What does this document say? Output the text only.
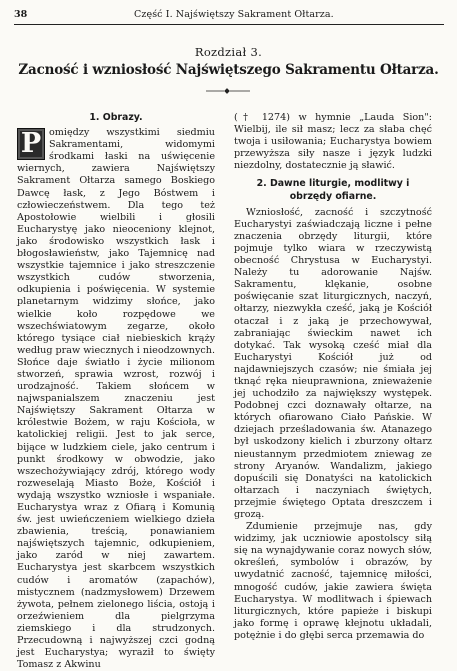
38	Część I. Najświętszy Sakrament Ołtarza.
Rozdział 3.
Zacność i wzniosłość Najświętszego Sakramentu Ołtarza.
1. Obrazy.

P omiędzy wszystkimi siedmiu Sakramentami, widomymi środkami łaski na uświęcenie wiernych, zawiera Najświętszy Sakrament Ołtarza samego Boskiego Dawcę łask, z Jego Bóstwem i człowieczeństwem. Dla tego też Apostołowie wielbili i głosili Eucharystyę jako nieoceniony klejnot, jako środowisko wszystkich łask i błogosławieństw, jako Tajemnicę nad wszystkie tajemnice i jako streszczenie wszystkich cudów stworzenia, odkupienia i poświęcenia. W systemie planetarnym widzimy słońce, jako wielkie koło rozpędowe we wszechświatowym zegarze, około którego tysiące ciał niebieskich krąży według praw wiecznych i nieodzownych. Słońce daje światło i życie milionom stworzeń, sprawia wzrost, rozwój i urodzajność. Takiem słońcem w najwspanialszem znaczeniu jest Najświętszy Sakrament Ołtarza w królestwie Bożem, w raju Kościoła, w katolickiej religii. Jest to jak serce, bijące w ludzkiem ciele, jako centrum i punkt środkowy w obwodzie, jako wszechożywiający zdrój, którego wody rozweselają Miasto Boże, Kościół i wydają wszystko wzniosłe i wspaniałe. Eucharystya wraz z Ofiarą i Komunią św. jest uwieńczeniem wielkiego dzieła zbawienia, treścią, ponawianiem najświętszych tajemnic, odkupieniem, jako zaród w niej zawartem. Eucharystya jest skarbcem wszystkich cudów i aromatów (zapachów), mistycznem (nadzmysłowem) Drzewem żywota, pełnem zielonego liścia, ostoją i orzeźwieniem dla pielgrzyma ziemskiego i dla strudzonych. Przecudowną i najwyższej czci godną jest Eucharystya; wyraził to święty Tomasz z Akwinu

(† 1274) w hymnie „Lauda Sion": Wielbij, ile sił masz; lecz za słaba chęć twoja i usiłowania; Eucharystya bowiem przewyższa siły nasze i język ludzki niezdolny, dostatecznie ją sławić.

2. Dawne liturgie, modlitwy i obrzędy ofiarne.

Wzniosłość, zacność i szczytność Eucharystyi zaświadczają liczne i pełne znaczenia obrzędy liturgii, które pojmuje tylko wiara w rzeczywistą obecność Chrystusa w Eucharystyi. Należy tu adorowanie Najśw. Sakramentu, klękanie, osobne poświęcanie szat liturgicznych, naczyń, ołtarzy, niezwykła cześć, jaką je Kościół otaczał i z jaką je przechowywał, zabraniając świeckim nawet ich dotykać. Tak wysoką cześć miał dla Eucharystyi Kościół już od najdawniejszych czasów; nie śmiała jej tknąć ręka nieuprawniona, znieważenie jej uchodziło za największy występek. Podobnej czci doznawały ołtarze, na których ofiarowano Ciało Pańskie. W dziejach prześladowania św. Atanazego był uskodzony kielich i zburzony ołtarz nieustannym przedmiotem zniewag ze strony Aryanów. Wandalizm, jakiego dopuścili się Donatyści na katolickich ołtarzach i naczyniach świętych, przejmie świętego Optata dreszczem i grozą.

Zdumienie przejmuje nas, gdy widzimy, jak uczniowie apostolscy siłą się na wynajdywanie coraz nowych słów, określeń, symbolów i obrazów, by uwydatnić zacność, tajemnicę miłości, mnogość cudów, jakie zawiera święta Eucharystya. W modlitwach i śpiewach liturgicznych, które papieże i biskupi jako formę i oprawę kłejnotu układali, potężnie i do głębi serca przemawia do
